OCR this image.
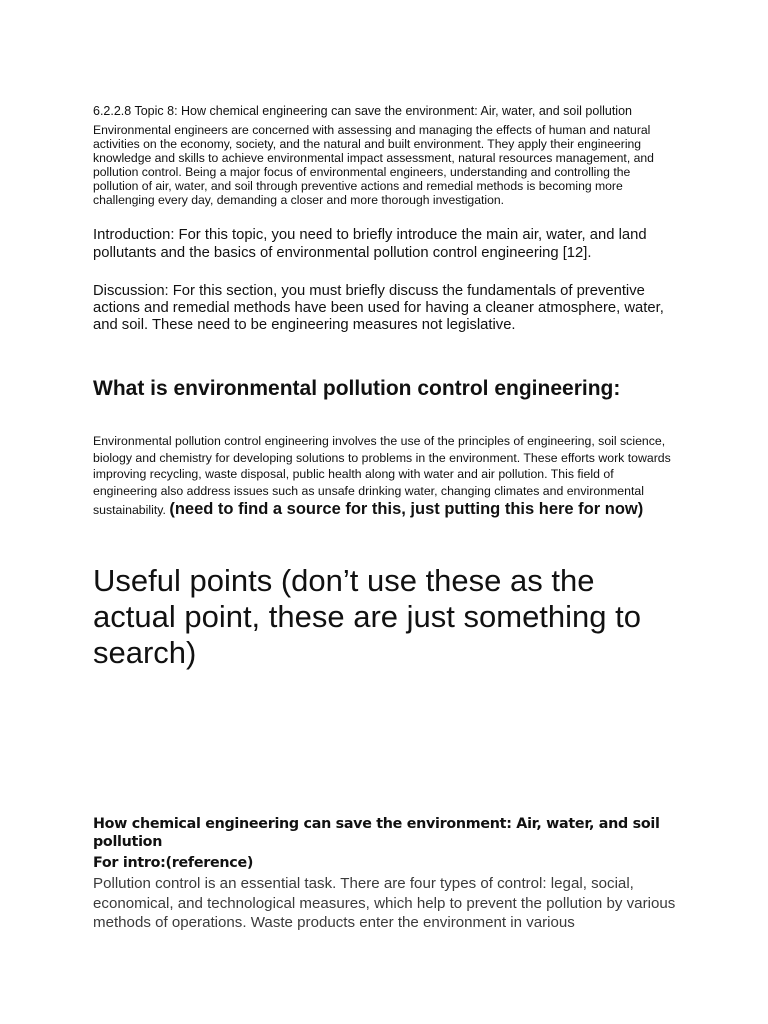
6.2.2.8 Topic 8: How chemical engineering can save the environment: Air, water, and soil pollution

Environmental engineers are concerned with assessing and managing the effects of human and natural activities on the economy, society, and the natural and built environment. They apply their engineering knowledge and skills to achieve environmental impact assessment, natural resources management, and pollution control. Being a major focus of environmental engineers, understanding and controlling the pollution of air, water, and soil through preventive actions and remedial methods is becoming more challenging every day, demanding a closer and more thorough investigation.

Introduction: For this topic, you need to briefly introduce the main air, water, and land pollutants and the basics of environmental pollution control engineering [12].

Discussion: For this section, you must briefly discuss the fundamentals of preventive actions and remedial methods have been used for having a cleaner atmosphere, water, and soil. These need to be engineering measures not legislative.

What is environmental pollution control engineering:

Environmental pollution control engineering involves the use of the principles of engineering, soil science, biology and chemistry for developing solutions to problems in the environment. These efforts work towards improving recycling, waste disposal, public health along with water and air pollution. This field of engineering also address issues such as unsafe drinking water, changing climates and environmental sustainability. (need to find a source for this, just putting this here for now)

Useful points (don’t use these as the actual point, these are just something to search)

How chemical engineering can save the environment: Air, water, and soil pollution

For intro:(reference)

Pollution control is an essential task. There are four types of control: legal, social, economical, and technological measures, which help to prevent the pollution by various methods of operations. Waste products enter the environment in various
